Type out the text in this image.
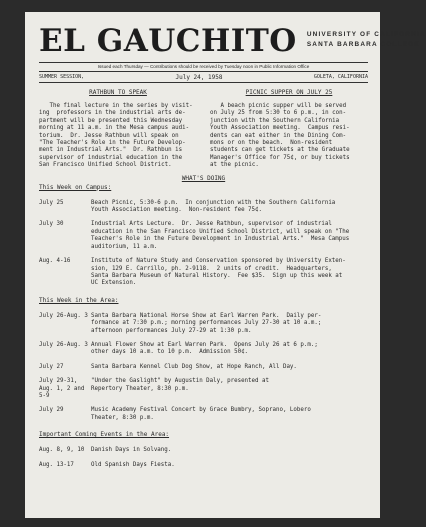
EL GAUCHITO UNIVERSITY OF CALIFORNIA
SANTA BARBARA COLLEGE
Issued each Thursday — Contributions should be received by Tuesday noon in Public Information Office
SUMMER SESSION,	July 24, 1958	GOLETA, CALIFORNIA
RATHBUN TO SPEAK
The final lecture in the series by visit-
ing  professors in the industrial arts de-
partment will be presented this Wednesday
morning at 11 a.m. in the Mesa campus audi-
torium.  Dr. Jesse Rathbun will speak on
"The Teacher's Role in the Future Develop-
ment in Industrial Arts."  Dr. Rathbun is
supervisor of industrial education in the
San Francisco Unified School District.
PICNIC SUPPER ON JULY 25
A beach picnic supper will be served
on July 25 from 5:30 to 6 p.m., in con-
junction with the Southern California
Youth Association meeting.  Campus resi-
dents can eat either in the Dining Com-
mons or on the beach.  Non-resident
students can get tickets at the Graduate
Manager's Office for 75¢, or buy tickets
at the picnic.
WHAT'S DOING
This Week on Campus:
July 25	Beach Picnic, 5:30-6 p.m.  In conjunction with the Southern California
Youth Association meeting.  Non-resident fee 75¢.
July 30	Industrial Arts Lecture.  Dr. Jesse Rathbun, supervisor of industrial
education in the San Francisco Unified School District, will speak on "The
Teacher's Role in the Future Development in Industrial Arts."  Mesa Campus
auditorium, 11 a.m.
Aug. 4-16	Institute of Nature Study and Conservation sponsored by University Exten-
sion, 129 E. Carrillo, ph. 2-9118.  2 units of credit.  Headquarters,
Santa Barbara Museum of Natural History.  Fee $35.  Sign up this week at
UC Extension.
This Week in the Area:
July 26-Aug. 3 Santa Barbara National Horse Show at Earl Warren Park.  Daily per-
formance at 7:30 p.m.; morning performances July 27-30 at 10 a.m.;
afternoon performances July 27-29 at 1:30 p.m.
July 26-Aug. 3 Annual Flower Show at Earl Warren Park.  Opens July 26 at 6 p.m.;
other days 10 a.m. to 10 p.m.  Admission 50¢.
July 27	Santa Barbara Kennel Club Dog Show, at Hope Ranch, All Day.
July 29-31, Aug. 1, 2 and 5-9
"Under the Gaslight" by Augustin Daly, presented at
Repertory Theater, 8:30 p.m.
July 29	Music Academy Festival Concert by Grace Bumbry, Soprano, Lobero
Theater, 8:30 p.m.
Important Coming Events in the Area:
Aug. 8, 9, 10	Danish Days in Solvang.
Aug. 13-17	Old Spanish Days Fiesta.
